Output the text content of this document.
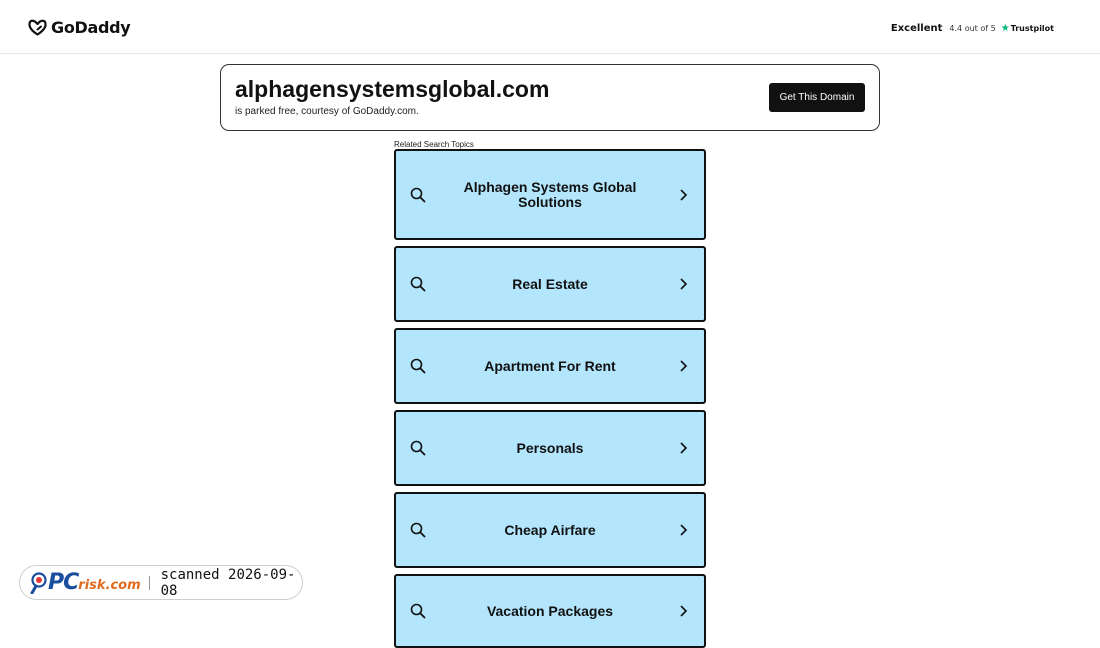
GoDaddy	Excellent 4.4 out of 5 ★ Trustpilot
alphagensystemsglobal.com
is parked free, courtesy of GoDaddy.com.
Get This Domain
Related Search Topics
Alphagen Systems Global Solutions
Real Estate
Apartment For Rent
Personals
Cheap Airfare
Vacation Packages
PC risk.com
scanned 2026-09-08
